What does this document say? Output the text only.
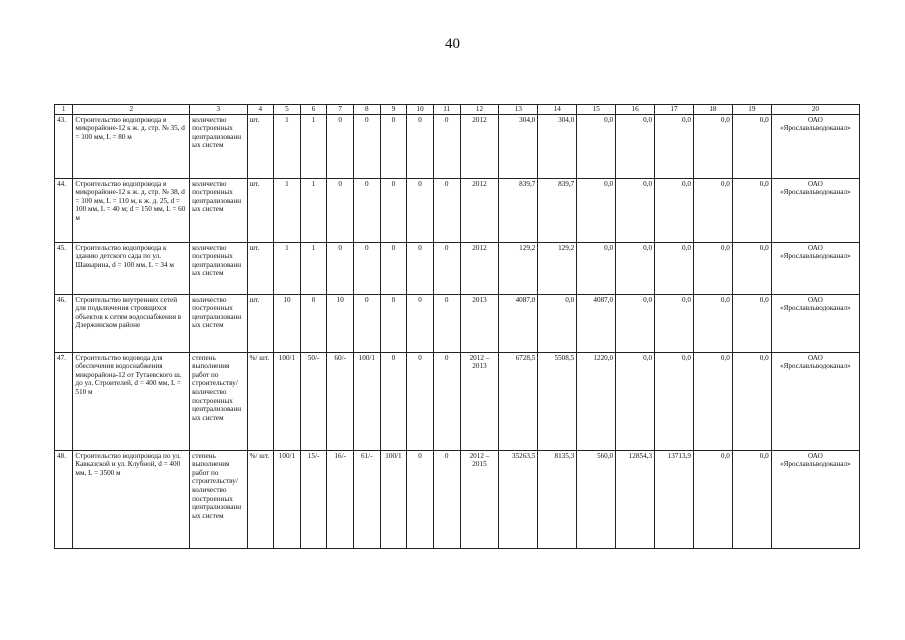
40
1	2	3	4	5	6	7	8	9	10	11	12	13	14	15	16	17	18	19	20
43.	Строительство водопровода в микрорайоне-12 к ж. д. стр. № 35, d = 100 мм, L = 80 м	количество построенных централизованных систем	шт.	1	1	0	0	0	0	0	2012	304,0	304,0	0,0	0,0	0,0	0,0	0,0	ОАО «Ярославльводоканал»
44.	Строительство водопровода в микрорайоне-12 к ж. д. стр. № 38, d = 100 мм, L = 110 м, к ж. д. 25, d = 100 мм, L = 40 м; d = 150 мм, L = 60 м	количество построенных централизованных систем	шт.	1	1	0	0	0	0	0	2012	839,7	839,7	0,0	0,0	0,0	0,0	0,0	ОАО «Ярославльводоканал»
45.	Строительство водопровода к зданию детского сада по ул. Шавырина, d = 100 мм, L = 34 м	количество построенных централизованных систем	шт.	1	1	0	0	0	0	0	2012	129,2	129,2	0,0	0,0	0,0	0,0	0,0	ОАО «Ярославльводоканал»
46.	Строительство внутренних сетей для подключения строящихся объектов к сетям водоснабжения в Дзержинском районе	количество построенных централизованных систем	шт.	10	0	10	0	0	0	0	2013	4087,0	0,0	4087,0	0,0	0,0	0,0	0,0	ОАО «Ярославльводоканал»
47.	Строительство водовода для обеспечения водоснабжения микрорайона-12 от Тутаевского ш. до ул. Строителей, d = 400 мм, L = 510 м	степень выполнения работ по строительству/ количество построенных централизованных систем	%/ шт.	100/1	50/-	60/-	100/1	0	0	0	2012 – 2013	6728,5	5508,5	1220,0	0,0	0,0	0,0	0,0	ОАО «Ярославльводоканал»
48.	Строительство водопровода по ул. Кавказской и ул. Клубной, d = 400 мм, L = 3500 м	степень выполнения работ по строительству/ количество построенных централизованных систем	%/ шт.	100/1	15/-	16/-	61/-	100/1	0	0	2012 – 2015	35263,5	8135,3	560,0	12854,3	13713,9	0,0	0,0	ОАО «Ярославльводоканал»
